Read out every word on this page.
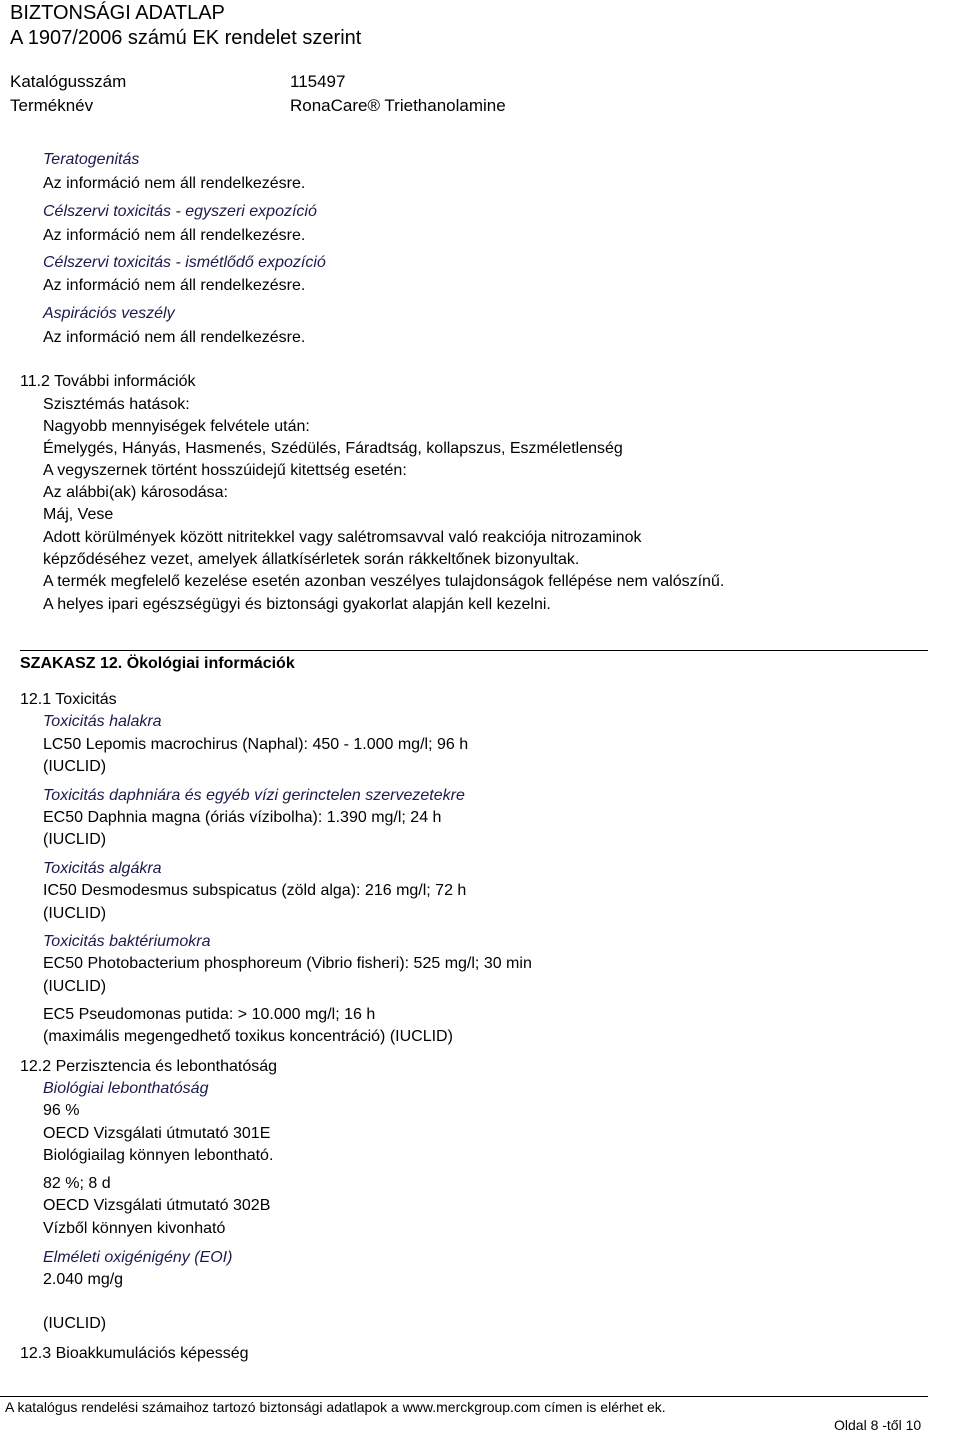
BIZTONSÁGI ADATLAP
A 1907/2006 számú EK rendelet szerint
Katalógusszám	115497
Terméknév	RonaCare® Triethanolamine
Teratogenitás
Az információ nem áll rendelkezésre.
Célszervi toxicitás - egyszeri expozíció
Az információ nem áll rendelkezésre.
Célszervi toxicitás - ismétlődő expozíció
Az információ nem áll rendelkezésre.
Aspirációs veszély
Az információ nem áll rendelkezésre.
11.2 További információk
Szisztémás hatások:
Nagyobb mennyiségek felvétele után:
Émelygés, Hányás, Hasmenés, Szédülés, Fáradtság, kollapszus, Eszméletlenség
A vegyszernek történt hosszúidejű kitettség esetén:
Az alábbi(ak) károsodása:
Máj, Vese
Adott körülmények között nitritekkel vagy salétromsavval való reakciója nitrozaminok
képződéséhez vezet, amelyek állatkísérletek során rákkeltőnek bizonyultak.
A termék megfelelő kezelése esetén azonban veszélyes tulajdonságok fellépése nem valószínű.
A helyes ipari egészségügyi és biztonsági gyakorlat alapján kell kezelni.
SZAKASZ 12. Ökológiai információk
12.1 Toxicitás
Toxicitás halakra
LC50 Lepomis macrochirus (Naphal): 450 - 1.000 mg/l; 96 h
(IUCLID)
Toxicitás daphniára és egyéb vízi gerinctelen szervezetekre
EC50 Daphnia magna (óriás vízibolha): 1.390 mg/l; 24 h
(IUCLID)
Toxicitás algákra
IC50 Desmodesmus subspicatus (zöld alga): 216 mg/l; 72 h
(IUCLID)
Toxicitás baktériumokra
EC50 Photobacterium phosphoreum (Vibrio fisheri): 525 mg/l; 30 min
(IUCLID)
EC5 Pseudomonas putida: > 10.000 mg/l; 16 h
(maximális megengedhető toxikus koncentráció) (IUCLID)
12.2 Perzisztencia és lebonthatóság
Biológiai lebonthatóság
96 %
OECD Vizsgálati útmutató 301E
Biológiailag könnyen lebontható.
82 %; 8 d
OECD Vizsgálati útmutató 302B
Vízből könnyen kivonható
Elméleti oxigénigény (EOI)
2.040 mg/g
(IUCLID)
12.3 Bioakkumulációs képesség
A katalógus rendelési számaihoz tartozó biztonsági adatlapok a www.merckgroup.com címen is elérhet ek.
Oldal 8 -től 10
